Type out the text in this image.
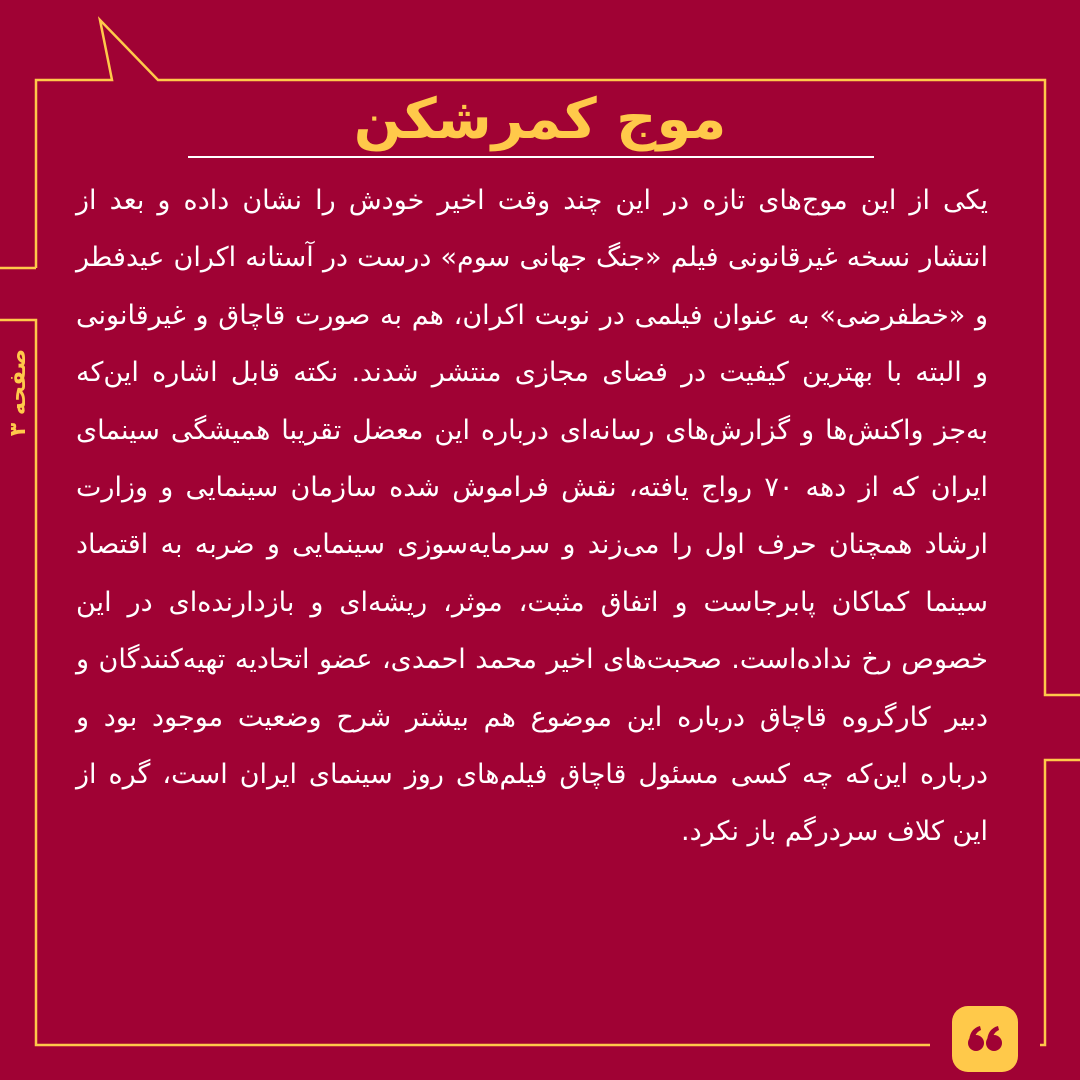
صفحه ۳
موج کمرشکن

یکی از این موج‌های تازه در این چند وقت اخیر خودش را نشان داده و بعد از انتشار نسخه غیرقانونی فیلم «جنگ جهانی سوم» درست در آستانه اکران عیدفطر و «خطفرضی» به عنوان فیلمی در نوبت اکران، هم به صورت قاچاق و غیرقانونی و البته با بهترین کیفیت در فضای مجازی منتشر شدند. نکته قابل اشاره این‌که به‌جز واکنش‌ها و گزارش‌های رسانه‌ای درباره این معضل تقریبا همیشگی سینمای ایران که از دهه ۷۰ رواج یافته، نقش فراموش شده سازمان سینمایی و وزارت ارشاد همچنان حرف اول را می‌زند و سرمایه‌سوزی سینمایی و ضربه به اقتصاد سینما کماکان پابرجاست و اتفاق مثبت، موثر، ریشه‌ای و بازدارنده‌ای در این خصوص رخ نداده‌است. صحبت‌های اخیر محمد احمدی، عضو اتحادیه تهیه‌کنندگان و دبیر کارگروه قاچاق درباره این موضوع هم بیشتر شرح وضعیت موجود بود و درباره این‌که چه کسی مسئول قاچاق فیلم‌های روز سینمای ایران است، گره از این کلاف سردرگم باز نکرد.
